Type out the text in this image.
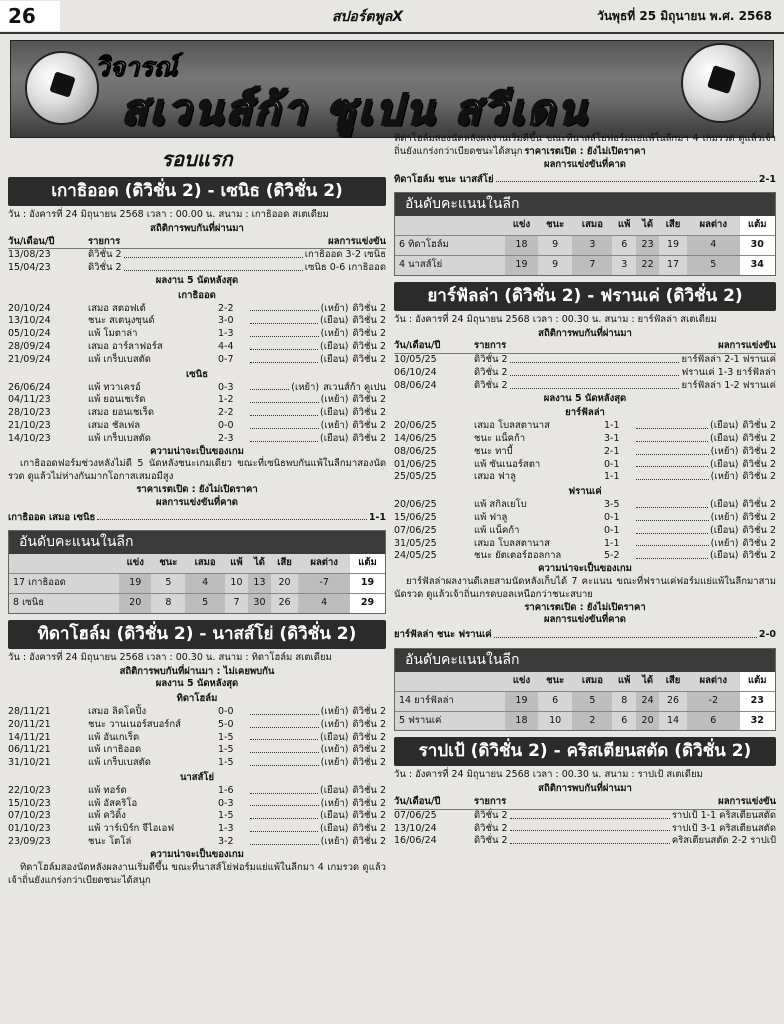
26	สปอร์ตพูลX	วันพุธที่ 25 มิถุนายน พ.ศ. 2568
วิจารณ์
สเวนส์ก้า ซูเปน สวีเดน
รอบแรก
เกาธิออด (ดิวิชั่น 2) - เซนิธ (ดิวิชั่น 2)
วัน : อังคารที่ 24 มิถุนายน 2568 เวลา : 00.00 น. สนาม : เกาธิออด สเตเดียม
สถิติการพบกันที่ผ่านมา
วัน/เดือน/ปี	รายการ	ผลการแข่งขัน
13/08/23	ดิวิชั่น 2	เกาธิออด 3-2 เซนิธ
15/04/23	ดิวิชั่น 2	เซนิธ 0-6 เกาธิออด
ผลงาน 5 นัดหลังสุด
เกาธิออด
20/10/24	เสมอ สตอฟเต้	2-2	(เหย้า) ดิวิชั่น 2
13/10/24	ชนะ สเตนุงซุนด์	3-0	(เยือน) ดิวิชั่น 2
05/10/24	แพ้ โมตาล่า	1-3	(เหย้า) ดิวิชั่น 2
28/09/24	เสมอ อาร์ลาฟอร์ส	4-4	(เยือน) ดิวิชั่น 2
21/09/24	แพ้ เกร็บเบสตัด	0-7	(เยือน) ดิวิชั่น 2
เซนิธ
26/06/24	แพ้ ทวาเครอ์	0-3	(เหย้า) สเวนส์ก้า คูเปน
04/11/23	แพ้ ยอนเชเรัด	1-2	(เหย้า) ดิวิชั่น 2
28/10/23	เสมอ ยอนเชเร็ด	2-2	(เยือน) ดิวิชั่น 2
21/10/23	เสมอ ชัลเฟล	0-0	(เหย้า) ดิวิชั่น 2
14/10/23	แพ้ เกร็บเบสตัด	2-3	(เยือน) ดิวิชั่น 2
ความน่าจะเป็นของเกม
เกาธิออดฟอร์มช่วงหลังไม่ดี 5 นัดหลังชนะเกมเดียว ขณะที่เซนิธพบกันแพ้ในลีกมาสองนัดรวด ดูแล้วไม่ห่างกันมากโอกาสเสมอมีสูง
ราคาเรตเปิด : ยังไม่เปิดราคา
ผลการแข่งขันที่คาด
เกาธิออด เสมอ เซนิธ	1-1
อันดับคะแนนในลีก
	แข่ง	ชนะ	เสมอ	แพ้	ได้	เสีย	ผลต่าง	แต้ม
17 เกาธิออด	19	5	4	10	13	20	-7	19
8 เซนิธ	20	8	5	7	30	26	4	29
ทิดาโฮล์ม (ดิวิชั่น 2) - นาสส์โย่ (ดิวิชั่น 2)
วัน : อังคารที่ 24 มิถุนายน 2568 เวลา : 00.30 น. สนาม : ทิดาโฮล์ม สเตเดียม
สถิติการพบกันที่ผ่านมา : ไม่เคยพบกัน
ผลงาน 5 นัดหลังสุด
ทิดาโฮล์ม
28/11/21	เสมอ ลิดโคปิ้ง	0-0	(เหย้า) ดิวิชั่น 2
20/11/21	ชนะ วานเนอร์สบอร์กส์	5-0	(เหย้า) ดิวิชั่น 2
14/11/21	แพ้ อันเกเร็ด	1-5	(เยือน) ดิวิชั่น 2
06/11/21	แพ้ เกาธิออด	1-5	(เหย้า) ดิวิชั่น 2
31/10/21	แพ้ เกร็บเบสตัด	1-5	(เหย้า) ดิวิชั่น 2
นาสส์โย่
22/10/23	แพ้ ทอร์ด	1-6	(เยือน) ดิวิชั่น 2
15/10/23	แพ้ อัสคริโอ	0-3	(เหย้า) ดิวิชั่น 2
07/10/23	แพ้ ควิดิ้ง	1-5	(เยือน) ดิวิชั่น 2
01/10/23	แพ้ วาร์เบิร์ก จีไอเอฟ	1-3	(เยือน) ดิวิชั่น 2
23/09/23	ชนะ โตโล่	3-2	(เหย้า) ดิวิชั่น 2
ความน่าจะเป็นของเกม
ทิดาโฮล์มสองนัดหลังผลงานเริ่มดีขึ้น ขณะที่นาสส์โย่ฟอร์มแย่แพ้ในลีกมา 4 เกมรวด ดูแล้วเจ้าถิ่นยังแกร่งกว่าเบียดชนะได้สนุก
ทิดาโฮล์มสองนัดหลังผลงานเริ่มดีขึ้น ขณะที่นาสส์โย่ฟอร์มแย่แพ้ในลีกมา 4 เกมรวด ดูแล้วเจ้าถิ่นยังแกร่งกว่าเบียดชนะได้สนุก ราคาเรตเปิด : ยังไม่เปิดราคา
ผลการแข่งขันที่คาด
ทิดาโฮล์ม ชนะ นาสส์โย่	2-1
อันดับคะแนนในลีก
	แข่ง	ชนะ	เสมอ	แพ้	ได้	เสีย	ผลต่าง	แต้ม
6 ทิดาโฮล์ม	18	9	3	6	23	19	4	30
4 นาสส์โย่	19	9	7	3	22	17	5	34
ยาร์ฟัลล่า (ดิวิชั่น 2) - ฟรานเค่ (ดิวิชั่น 2)
วัน : อังคารที่ 24 มิถุนายน 2568 เวลา : 00.30 น. สนาม : ยาร์ฟัลล่า สเตเดียม
สถิติการพบกันที่ผ่านมา
วัน/เดือน/ปี	รายการ	ผลการแข่งขัน
10/05/25	ดิวิชั่น 2	ยาร์ฟัลล่า 2-1 ฟรานเค่
06/10/24	ดิวิชั่น 2	ฟรานเค่ 1-3 ยาร์ฟัลล่า
08/06/24	ดิวิชั่น 2	ยาร์ฟัลล่า 1-2 ฟรานเค่
ผลงาน 5 นัดหลังสุด
ยาร์ฟัลล่า
20/06/25	เสมอ โบลสตานาส	1-1	(เยือน) ดิวิชั่น 2
14/06/25	ชนะ แน็คก้า	3-1	(เยือน) ดิวิชั่น 2
08/06/25	ชนะ ทาบี้	2-1	(เหย้า) ดิวิชั่น 2
01/06/25	แพ้ ซันเนอร์สตา	0-1	(เยือน) ดิวิชั่น 2
25/05/25	เสมอ ฟาลู	1-1	(เหย้า) ดิวิชั่น 2
ฟรานเค่
20/06/25	แพ้ สกิลเยโบ	3-5	(เยือน) ดิวิชั่น 2
15/06/25	แพ้ ฟาลู	0-1	(เหย้า) ดิวิชั่น 2
07/06/25	แพ้ แน็คก้า	0-1	(เยือน) ดิวิชั่น 2
31/05/25	เสมอ โบลสตานาส	1-1	(เหย้า) ดิวิชั่น 2
24/05/25	ชนะ ยัตเตอร์ฮอลกาล	5-2	(เยือน) ดิวิชั่น 2
ความน่าจะเป็นของเกม
ยาร์ฟัลล่าผลงานดีเลยสามนัดหลังเก็บได้ 7 คะแนน ขณะที่ฟรานเค่ฟอร์มแย่แพ้ในลีกมาสามนัดรวด ดูแล้วเจ้าถิ่นเกรดบอลเหนือกว่าชนะสบาย
ราคาเรตเปิด : ยังไม่เปิดราคา
ผลการแข่งขันที่คาด
ยาร์ฟัลล่า ชนะ ฟรานเค่	2-0
อันดับคะแนนในลีก
	แข่ง	ชนะ	เสมอ	แพ้	ได้	เสีย	ผลต่าง	แต้ม
14 ยาร์ฟัลล่า	19	6	5	8	24	26	-2	23
5 ฟรานเค่	18	10	2	6	20	14	6	32
ราปเป้ (ดิวิชั่น 2) - คริสเตียนสตัด (ดิวิชั่น 2)
วัน : อังคารที่ 24 มิถุนายน 2568 เวลา : 00.30 น. สนาม : ราปเป้ สเตเดียม
สถิติการพบกันที่ผ่านมา
วัน/เดือน/ปี	รายการ	ผลการแข่งขัน
07/06/25	ดิวิชั่น 2	ราปเป้ 1-1 คริสเตียนสตัด
13/10/24	ดิวิชั่น 2	ราปเป้ 3-1 คริสเตียนสตัด
16/06/24	ดิวิชั่น 2	คริสเตียนสตัด 2-2 ราปเป้
